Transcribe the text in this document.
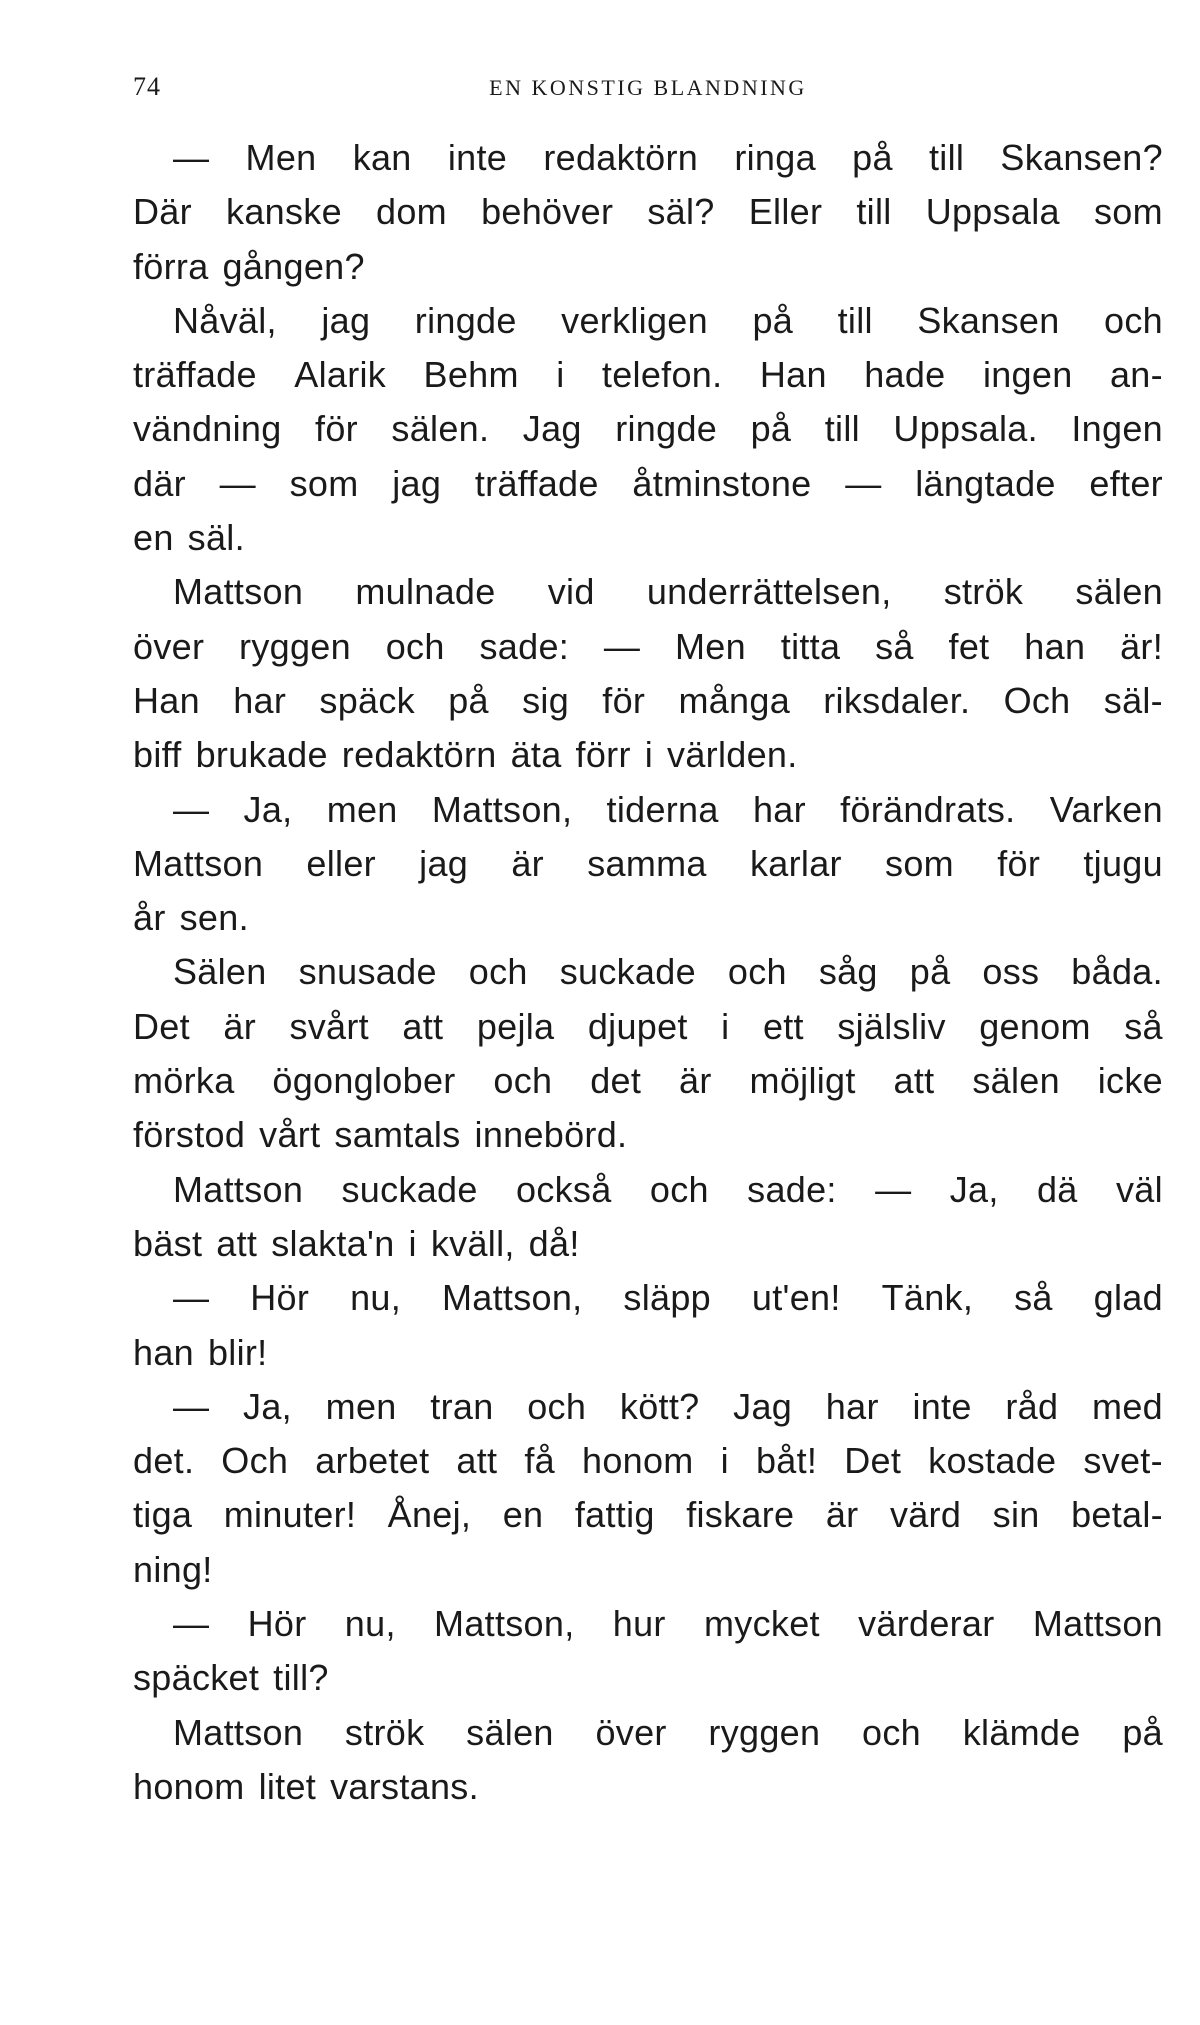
74	EN KONSTIG BLANDNING
— Men kan inte redaktörn ringa på till Skansen?
Där kanske dom behöver säl? Eller till Uppsala som
förra gången?
Nåväl, jag ringde verkligen på till Skansen och
träffade Alarik Behm i telefon. Han hade ingen an-
vändning för sälen. Jag ringde på till Uppsala. Ingen
där — som jag träffade åtminstone — längtade efter
en säl.
Mattson mulnade vid underrättelsen, strök sälen
över ryggen och sade: — Men titta så fet han är!
Han har späck på sig för många riksdaler. Och säl-
biff brukade redaktörn äta förr i världen.
— Ja, men Mattson, tiderna har förändrats. Varken
Mattson eller jag är samma karlar som för tjugu
år sen.
Sälen snusade och suckade och såg på oss båda.
Det är svårt att pejla djupet i ett själsliv genom så
mörka ögonglober och det är möjligt att sälen icke
förstod vårt samtals innebörd.
Mattson suckade också och sade: — Ja, dä väl
bäst att slakta'n i kväll, då!
— Hör nu, Mattson, släpp ut'en! Tänk, så glad
han blir!
— Ja, men tran och kött? Jag har inte råd med
det. Och arbetet att få honom i båt! Det kostade svet-
tiga minuter! Ånej, en fattig fiskare är värd sin betal-
ning!
— Hör nu, Mattson, hur mycket värderar Mattson
späcket till?
Mattson strök sälen över ryggen och klämde på
honom litet varstans.
